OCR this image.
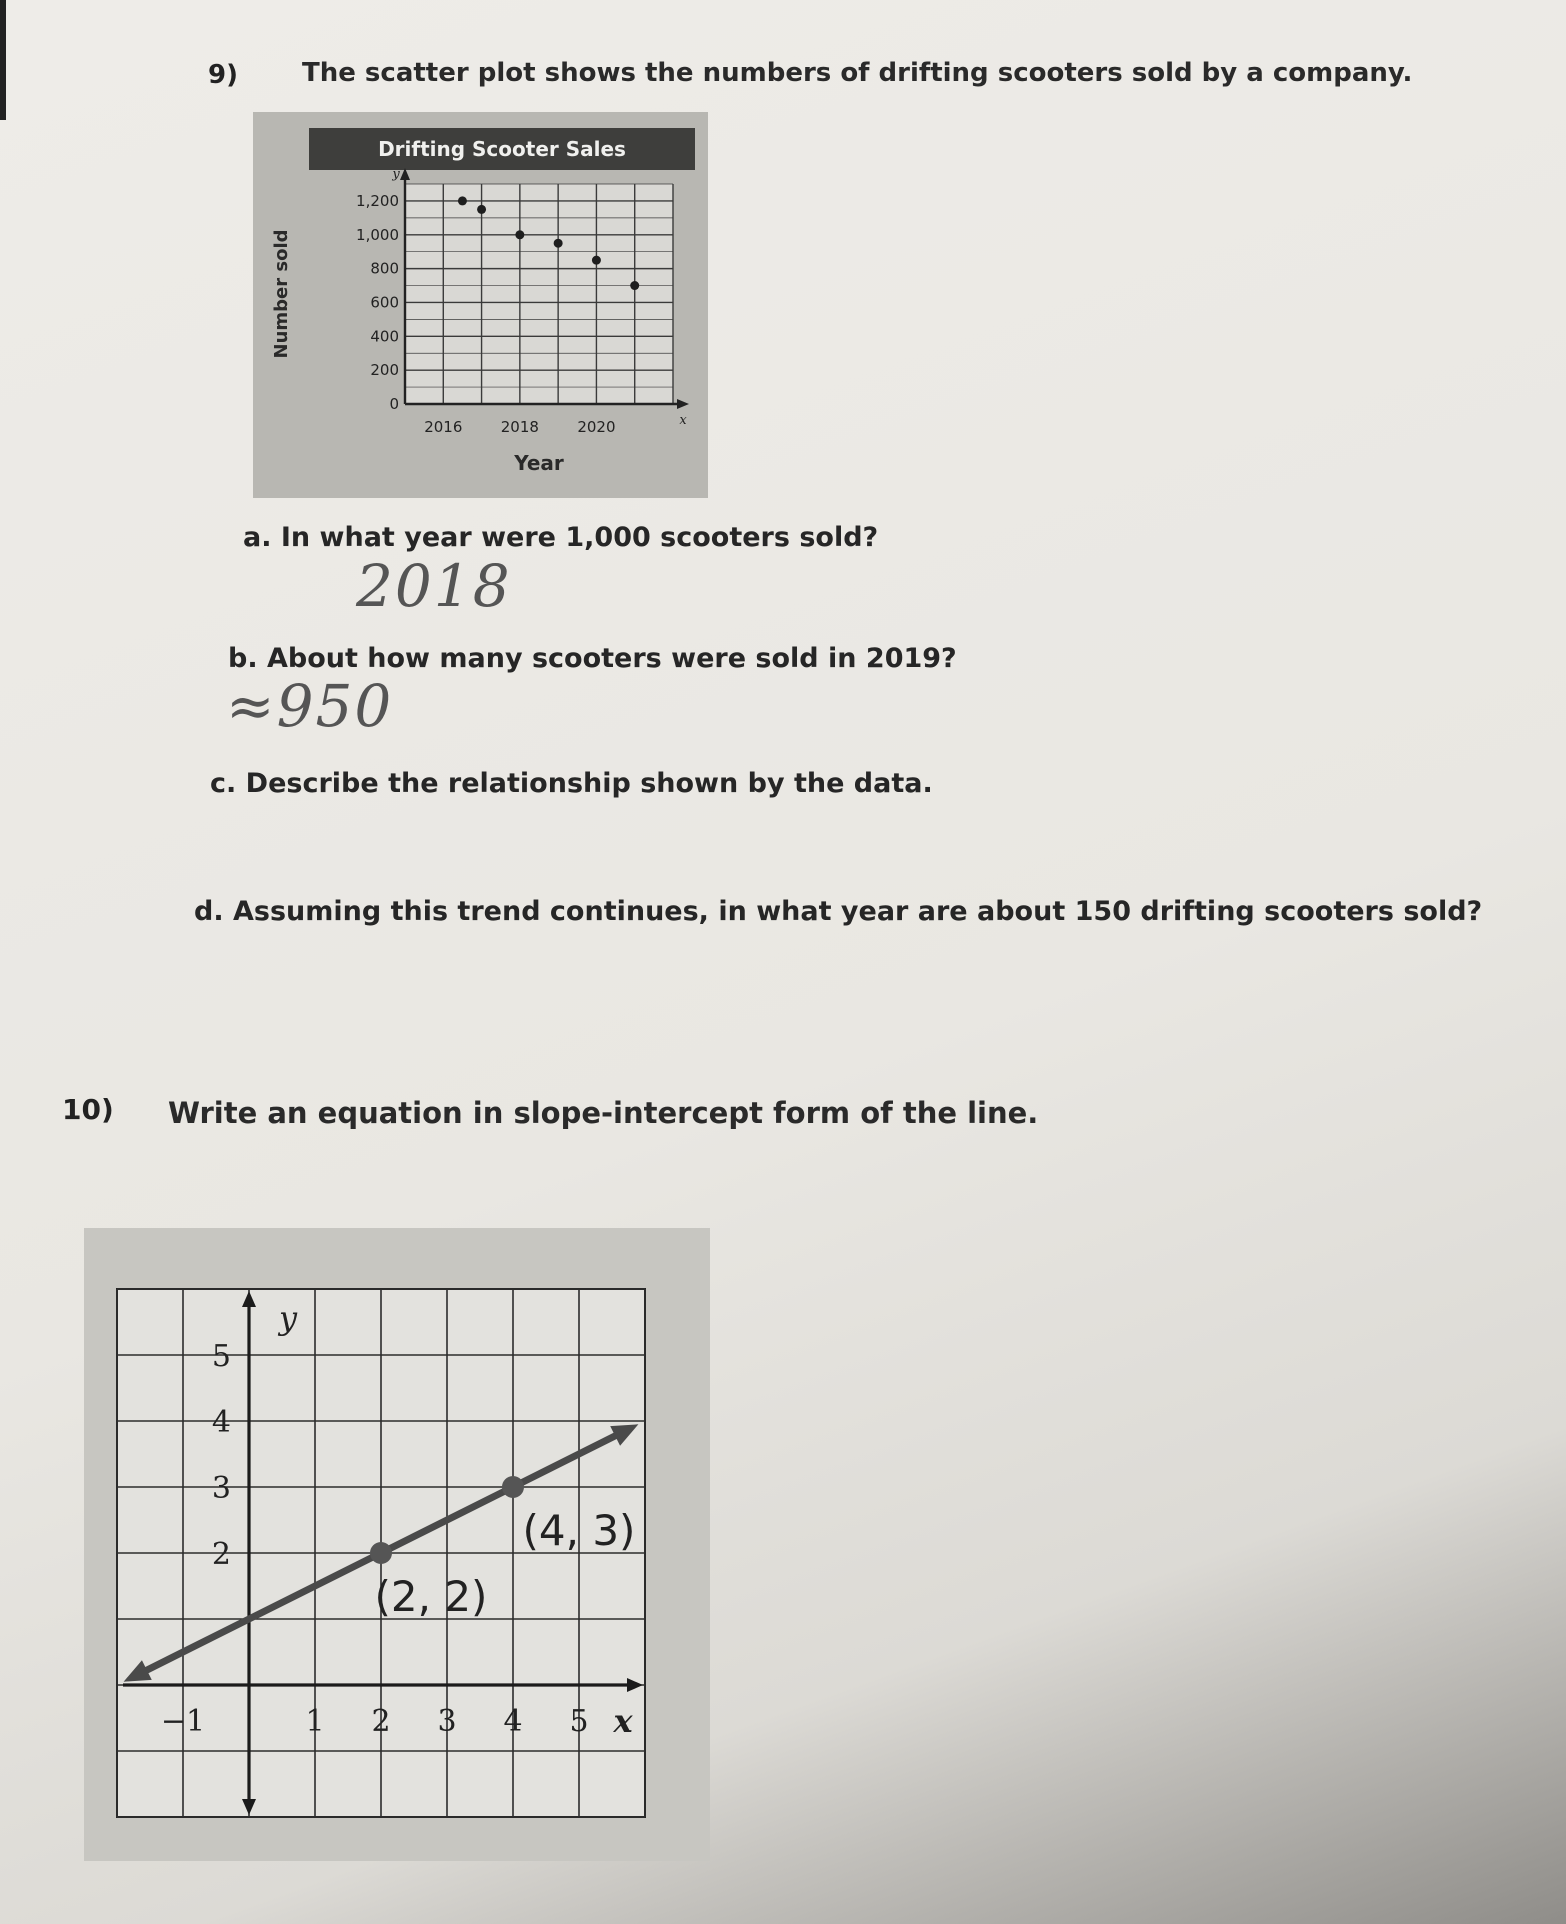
9) The scatter plot shows the numbers of drifting scooters sold by a company.
Drifting Scooter Sales
y
x
0
200
400
600
800
1,000
1,200
2016	2018	2020
Year
Number sold
a. In what year were 1,000 scooters sold?
2018
b. About how many scooters were sold in 2019?
≈950
c. Describe the relationship shown by the data.
d. Assuming this trend continues, in what year are about 150 drifting scooters sold?
10) Write an equation in slope-intercept form of the line.
y
x
−1	1 2 3 4 5
2
3
4
5
(2, 2)
(4, 3)
